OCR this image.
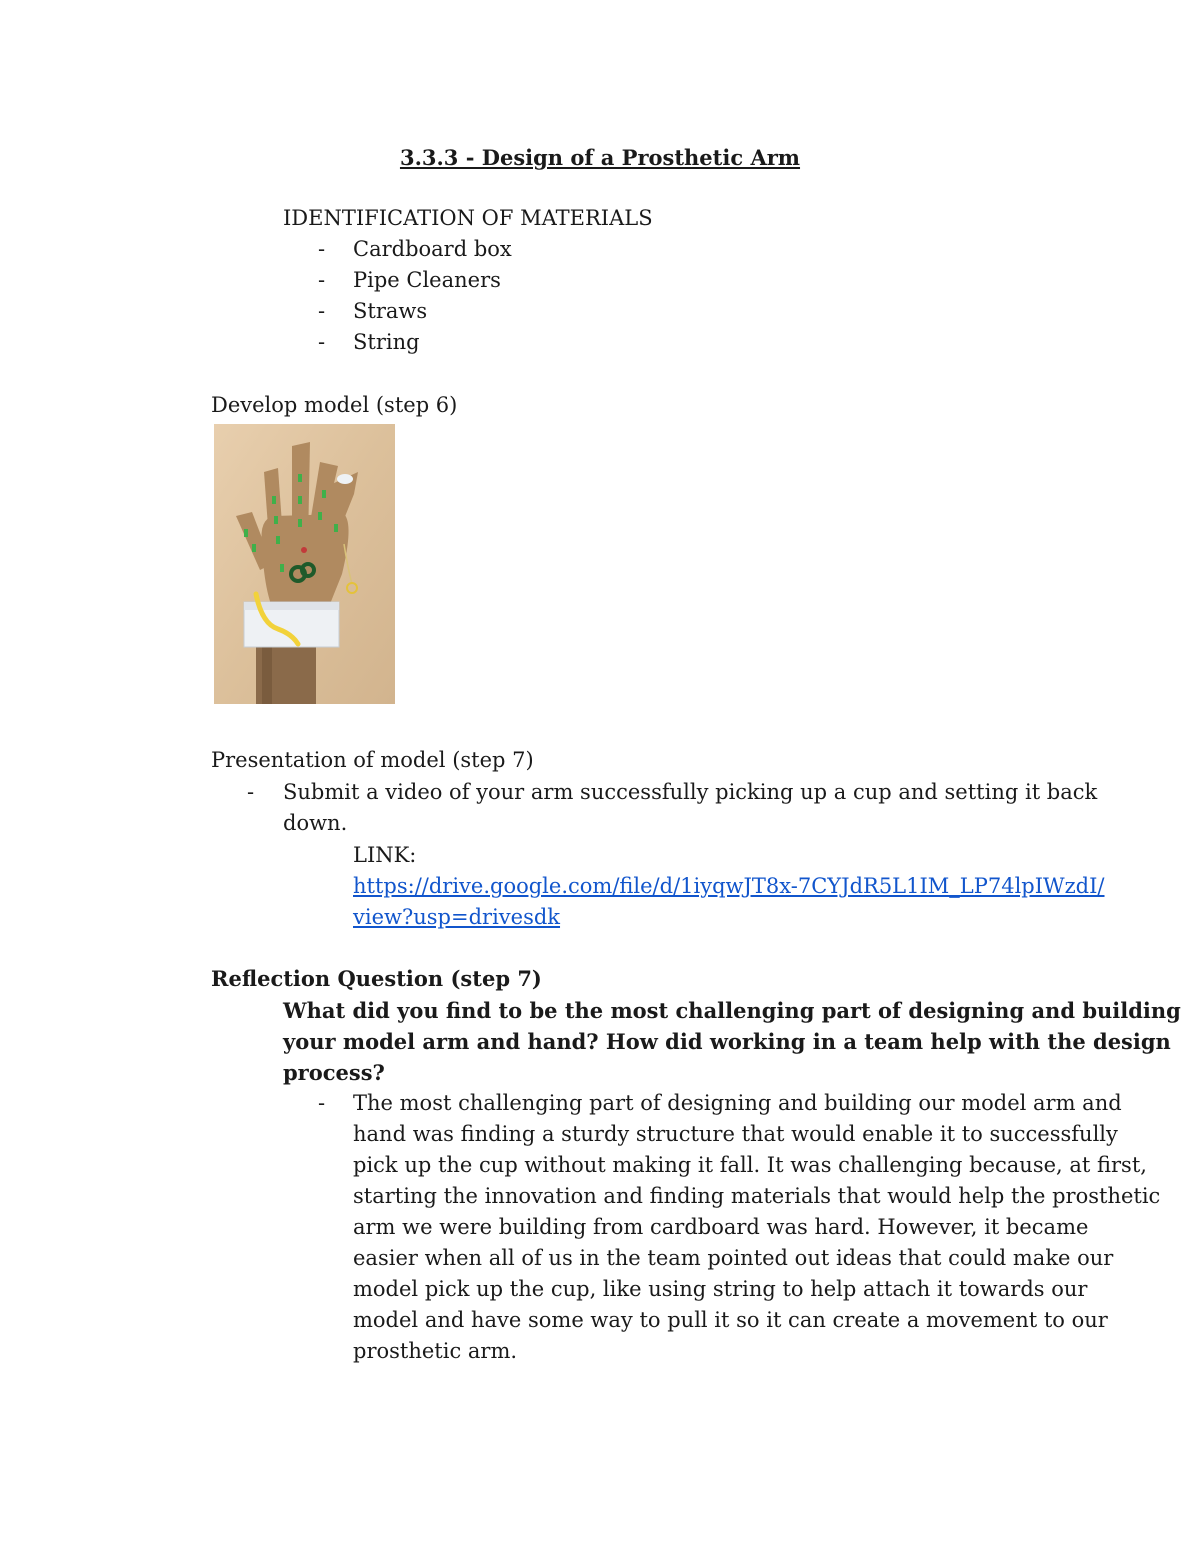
3.3.3 - Design of a Prosthetic Arm
IDENTIFICATION OF MATERIALS
- Cardboard box
- Pipe Cleaners
- Straws
- String
Develop model (step 6)
Presentation of model (step 7)
- Submit a video of your arm successfully picking up a cup and setting it back
down.
LINK:
https://drive.google.com/file/d/1iyqwJT8x-7CYJdR5L1IM_LP74lpIWzdI/
view?usp=drivesdk
Reflection Question (step 7)
What did you find to be the most challenging part of designing and building
your model arm and hand? How did working in a team help with the design
process?
- The most challenging part of designing and building our model arm and
hand was finding a sturdy structure that would enable it to successfully
pick up the cup without making it fall. It was challenging because, at first,
starting the innovation and finding materials that would help the prosthetic
arm we were building from cardboard was hard. However, it became
easier when all of us in the team pointed out ideas that could make our
model pick up the cup, like using string to help attach it towards our
model and have some way to pull it so it can create a movement to our
prosthetic arm.
